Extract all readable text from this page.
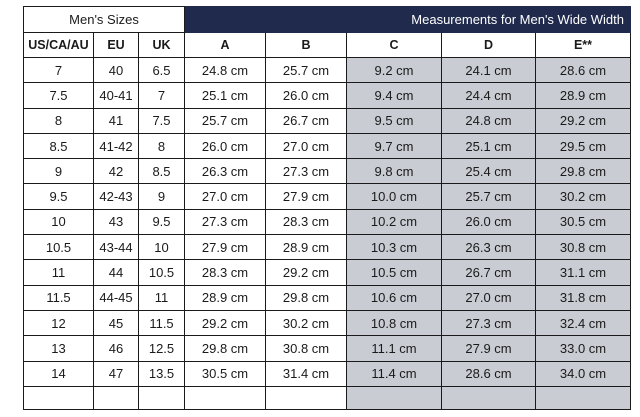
Men's Sizes			Measurements for Men's Wide Width				
US/CA/AU	EU	UK	A	B	C	D	E**
7	40	6.5	24.8 cm	25.7 cm	9.2 cm	24.1 cm	28.6 cm
7.5	40-41	7	25.1 cm	26.0 cm	9.4 cm	24.4 cm	28.9 cm
8	41	7.5	25.7 cm	26.7 cm	9.5 cm	24.8 cm	29.2 cm
8.5	41-42	8	26.0 cm	27.0 cm	9.7 cm	25.1 cm	29.5 cm
9	42	8.5	26.3 cm	27.3 cm	9.8 cm	25.4 cm	29.8 cm
9.5	42-43	9	27.0 cm	27.9 cm	10.0 cm	25.7 cm	30.2 cm
10	43	9.5	27.3 cm	28.3 cm	10.2 cm	26.0 cm	30.5 cm
10.5	43-44	10	27.9 cm	28.9 cm	10.3 cm	26.3 cm	30.8 cm
11	44	10.5	28.3 cm	29.2 cm	10.5 cm	26.7 cm	31.1 cm
11.5	44-45	11	28.9 cm	29.8 cm	10.6 cm	27.0 cm	31.8 cm
12	45	11.5	29.2 cm	30.2 cm	10.8 cm	27.3 cm	32.4 cm
13	46	12.5	29.8 cm	30.8 cm	11.1 cm	27.9 cm	33.0 cm
14	47	13.5	30.5 cm	31.4 cm	11.4 cm	28.6 cm	34.0 cm
